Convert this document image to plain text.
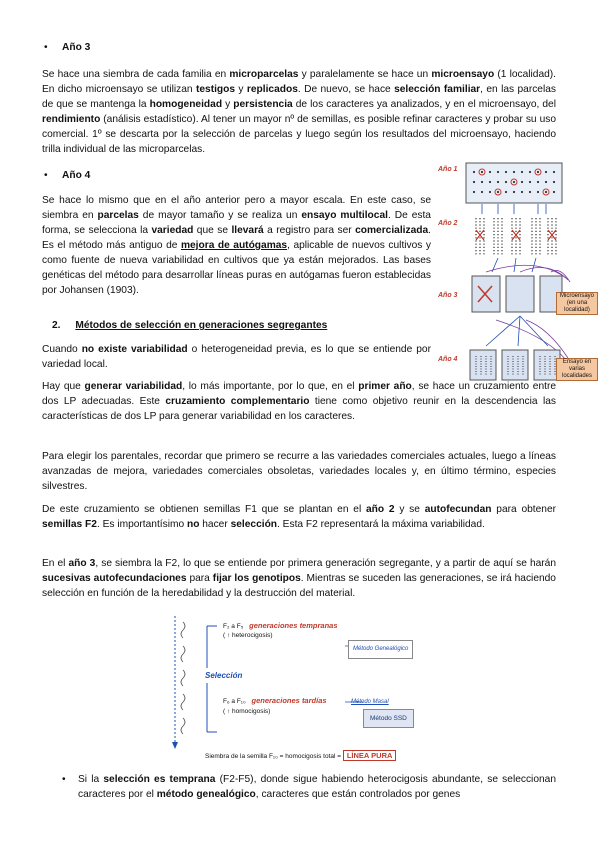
• Año 3

Se hace una siembra de cada familia en microparcelas y paralelamente se hace un microensayo (1 localidad). En dicho microensayo se utilizan testigos y replicados. De nuevo, se hace selección familiar, en las parcelas de que se mantenga la homogeneidad y persistencia de los caracteres ya analizados, y en el microensayo, del rendimiento (análisis estadístico). Al tener un mayor nº de semillas, es posible refinar caracteres y probar su uso comercial. 1º se descarta por la selección de parcelas y luego según los resultados del microensayo, haciendo trilla individual de las microparcelas.

• Año 4

Se hace lo mismo que en el año anterior pero a mayor escala. En este caso, se siembra en parcelas de mayor tamaño y se realiza un ensayo multilocal. De esta forma, se selecciona la variedad que se llevará a registro para ser comercializada. Es el método más antiguo de mejora de autógamas, aplicable de nuevos cultivos y como fuente de nueva variabilidad en cultivos que ya están mejorados. Las bases genéticas del método para desarrollar líneas puras en autógamas fueron establecidas por Johansen (1903).

Año 1
Año 2
Año 3
Año 4
Microensayo (en una localidad)
Ensayo en varias localidades
2. Métodos de selección en generaciones segregantes

Cuando no existe variabilidad o heterogeneidad previa, es lo que se entiende por variedad local.

Hay que generar variabilidad, lo más importante, por lo que, en el primer año, se hace un cruzamiento entre dos LP adecuadas. Este cruzamiento complementario tiene como objetivo reunir en la descendencia las características de dos LP para generar variabilidad en los caracteres.

Para elegir los parentales, recordar que primero se recurre a las variedades comerciales actuales, luego a líneas avanzadas de mejora, variedades comerciales obsoletas, variedades locales y, en último término, especies silvestres.

De este cruzamiento se obtienen semillas F1 que se plantan en el año 2 y se autofecundan para obtener semillas F2. Es importantísimo no hacer selección. Esta F2 representará la máxima variabilidad.

En el año 3, se siembra la F2, lo que se entiende por primera generación segregante, y a partir de aquí se harán sucesivas autofecundaciones para fijar los genotipos. Mientras se suceden las generaciones, se irá haciendo selección en función de la heredabilidad y la destrucción del material.

F₂ a F₅ generaciones tempranas
( ↑ heterocigosis)
Método Genealógico
Selección
F₆ a F₁₀ generaciones tardías
( ↑ homocigosis)
Método Masal
Método SSD
Siembra de la semilla F₁₀ = homocigosis total = LÍNEA PURA
• Si la selección es temprana (F2-F5), donde sigue habiendo heterocigosis abundante, se seleccionan caracteres por el método genealógico, caracteres que están controlados por genes
